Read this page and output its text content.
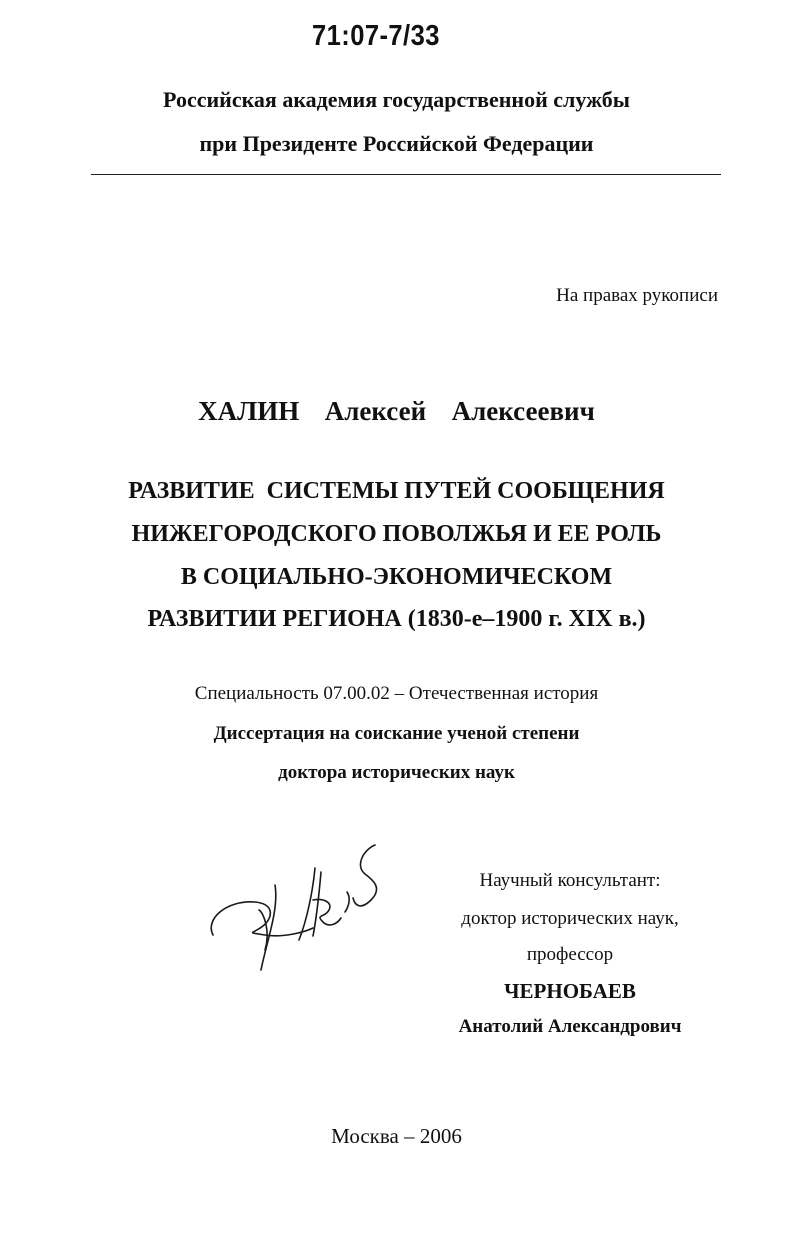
71:07-7/33
Российская академия государственной службы
при Президенте Российской Федерации
На правах рукописи
ХАЛИН  Алексей  Алексеевич
РАЗВИТИЕ  СИСТЕМЫ ПУТЕЙ СООБЩЕНИЯ
НИЖЕГОРОДСКОГО ПОВОЛЖЬЯ И ЕЕ РОЛЬ
В СОЦИАЛЬНО-ЭКОНОМИЧЕСКОМ
РАЗВИТИИ РЕГИОНА (1830-е–1900 г. XIX в.)
Специальность 07.00.02 – Отечественная история
Диссертация на соискание ученой степени
доктора исторических наук
Научный консультант:
доктор исторических наук,
профессор
ЧЕРНОБАЕВ
Анатолий Александрович
Москва – 2006
